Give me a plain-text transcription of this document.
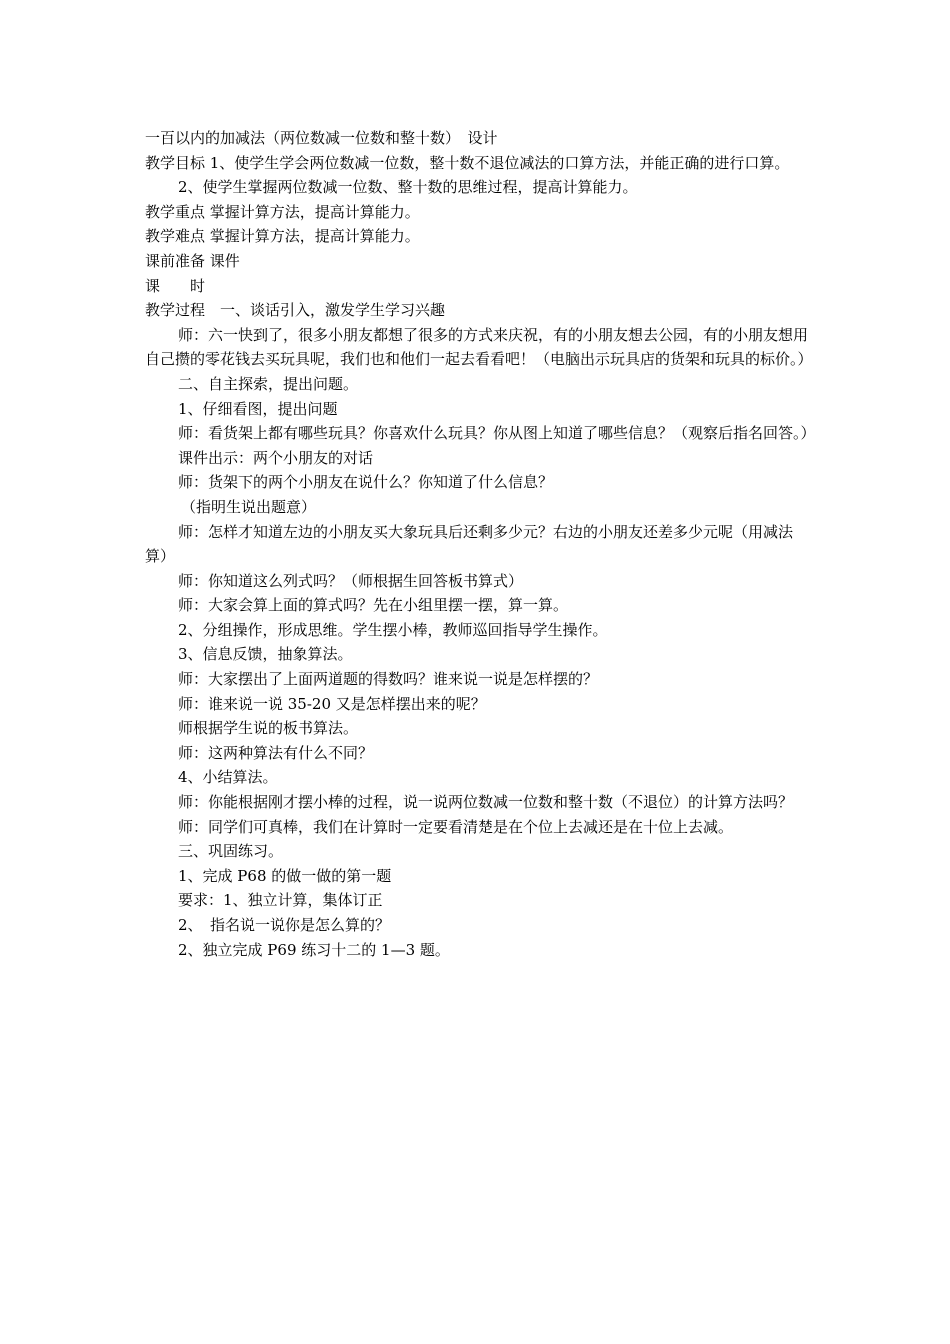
一百以内的加减法（两位数减一位数和整十数）　设计

教学目标 1、使学生学会两位数减一位数，整十数不退位减法的口算方法，并能正确的进行口算。

2、使学生掌握两位数减一位数、整十数的思维过程，提高计算能力。

教学重点 掌握计算方法，提高计算能力。

教学难点 掌握计算方法，提高计算能力。

课前准备 课件

课　　时

教学过程　一、谈话引入，激发学生学习兴趣

师：六一快到了，很多小朋友都想了很多的方式来庆祝，有的小朋友想去公园，有的小朋友想用自己攒的零花钱去买玩具呢，我们也和他们一起去看看吧！（电脑出示玩具店的货架和玩具的标价。）

二、自主探索，提出问题。

1、仔细看图，提出问题

师：看货架上都有哪些玩具？你喜欢什么玩具？你从图上知道了哪些信息？（观察后指名回答。）

课件出示：两个小朋友的对话

师：货架下的两个小朋友在说什么？你知道了什么信息？

（指明生说出题意）

师：怎样才知道左边的小朋友买大象玩具后还剩多少元？右边的小朋友还差多少元呢（用减法算）

师：你知道这么列式吗？（师根据生回答板书算式）

师：大家会算上面的算式吗？先在小组里摆一摆，算一算。

2、分组操作，形成思维。学生摆小棒，教师巡回指导学生操作。

3、信息反馈，抽象算法。

师：大家摆出了上面两道题的得数吗？谁来说一说是怎样摆的？

师：谁来说一说 35-20 又是怎样摆出来的呢？

师根据学生说的板书算法。

师：这两种算法有什么不同？

4、小结算法。

师：你能根据刚才摆小棒的过程，说一说两位数减一位数和整十数（不退位）的计算方法吗？

师：同学们可真棒，我们在计算时一定要看清楚是在个位上去减还是在十位上去减。

三、巩固练习。

1、完成 P68 的做一做的第一题

要求：1、独立计算，集体订正

2、　指名说一说你是怎么算的？

2、独立完成 P69 练习十二的 1—3 题。
